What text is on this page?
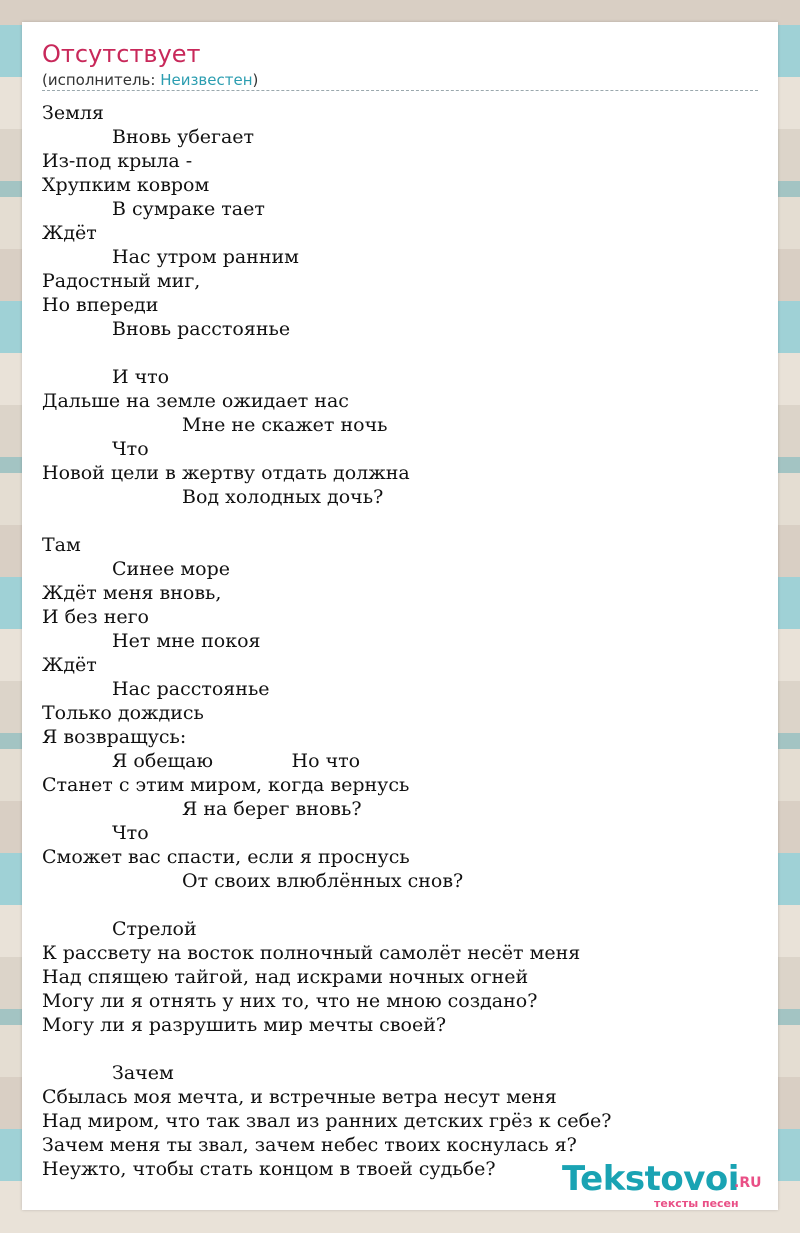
Отсутствует
(исполнитель: Неизвестен)
Земля
Вновь убегает
Из-под крыла -
Хрупким ковром
В сумраке тает
Ждёт
Нас утром ранним
Радостный миг,
Но впереди
Вновь расстоянье
И что
Дальше на земле ожидает нас
Мне не скажет ночь
Что
Новой цели в жертву отдать должна
Вод холодных дочь?
Там
Синее море
Ждёт меня вновь,
И без него
Нет мне покоя
Ждёт
Нас расстоянье
Только дождись
Я возвращусь:
Я обещаю             Но что
Станет с этим миром, когда вернусь
Я на берег вновь?
Что
Сможет вас спасти, если я проснусь
От своих влюблённых снов?
Стрелой
К рассвету на восток полночный самолёт несёт меня
Над спящею тайгой, над искрами ночных огней
Могу ли я отнять у них то, что не мною создано?
Могу ли я разрушить мир мечты своей?
Зачем
Сбылась моя мечта, и встречные ветра несут меня
Над миром, что так звал из ранних детских грёз к себе?
Зачем меня ты звал, зачем небес твоих коснулась я?
Неужто, чтобы стать концом в твоей судьбе?	Tekstovoi
.RU
тексты песен
